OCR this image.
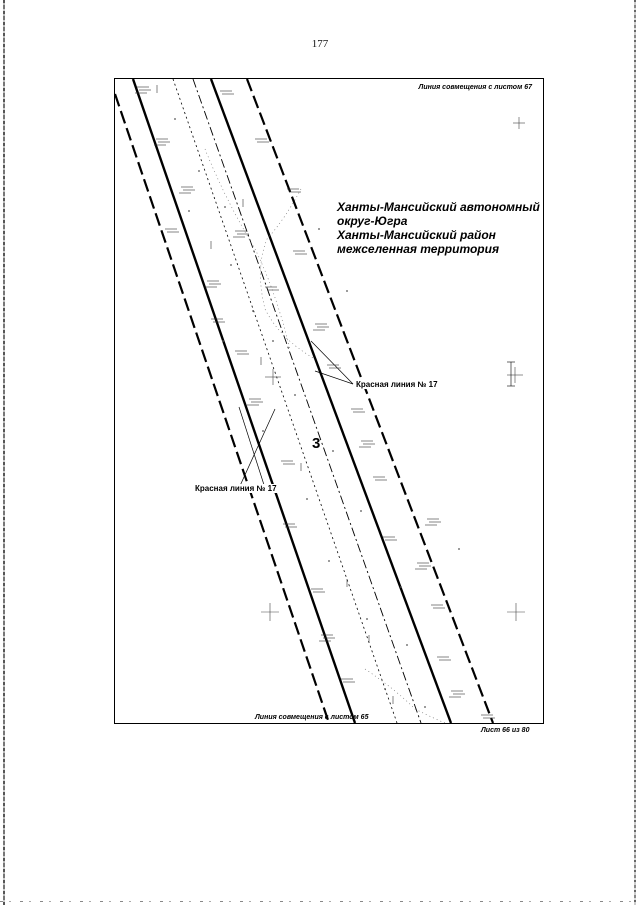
177
Линия совмещения с листом 67
Ханты-Мансийский автономный
округ-Югра
Ханты-Мансийский район
межселенная территория
Красная линия № 17
Красная линия № 17
3
Линия совмещения с листом 65
Лист 66 из 80
